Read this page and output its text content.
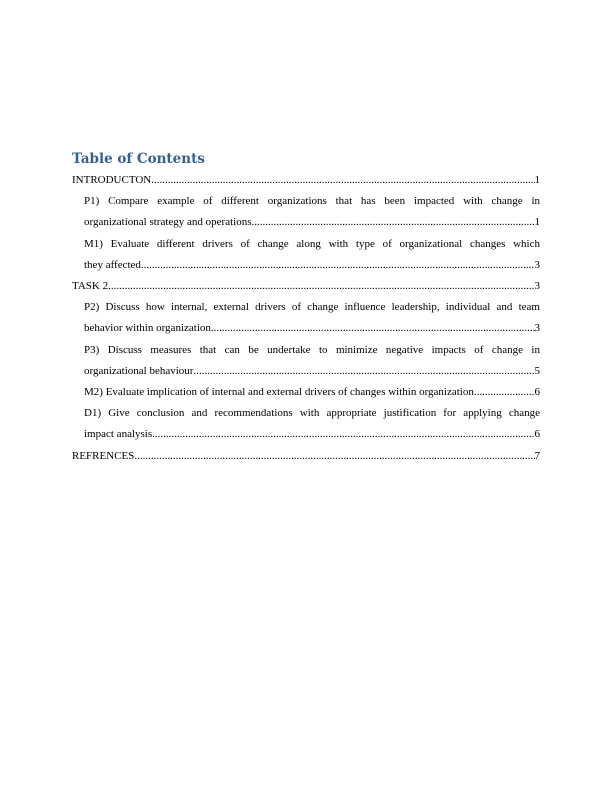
Table of Contents
INTRODUCTON .....	1
P1) Compare example of different organizations that has been impacted with change in
organizational strategy and operations .....	1
M1) Evaluate different drivers of change along with type of organizational changes which
they affected .....	3
TASK 2 .....	3
P2) Discuss how internal, external drivers of change influence leadership, individual and team
behavior within organization .....	3
P3) Discuss measures that can be undertake to minimize negative impacts of change in
organizational behaviour .....	5
M2) Evaluate implication of internal and external drivers of changes within organization .....	6
D1) Give conclusion and recommendations with appropriate justification for applying change
impact analysis .....	6
REFRENCES .....	7
